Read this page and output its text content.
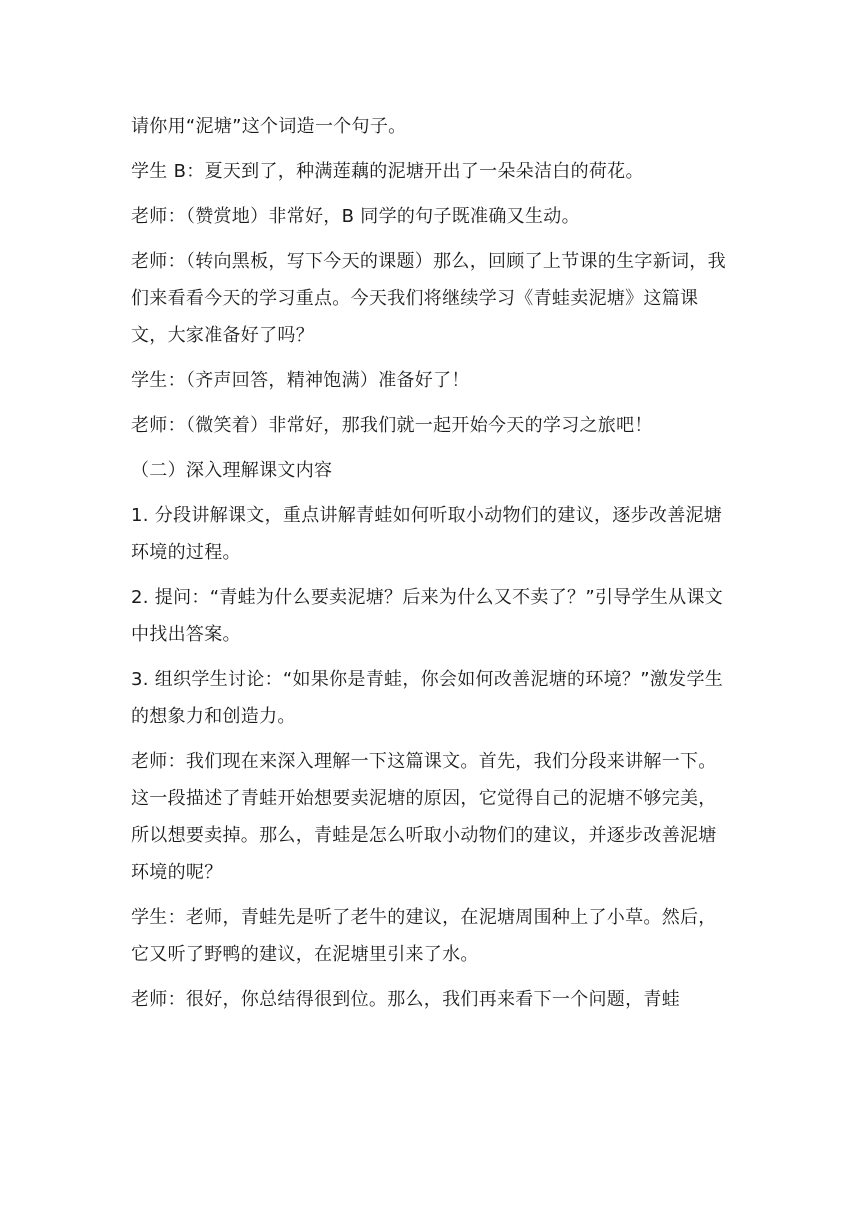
请你用“泥塘”这个词造一个句子。

学生 B：夏天到了，种满莲藕的泥塘开出了一朵朵洁白的荷花。

老师：（赞赏地）非常好，B 同学的句子既准确又生动。

老师：（转向黑板，写下今天的课题）那么，回顾了上节课的生字新词，我们来看看今天的学习重点。今天我们将继续学习《青蛙卖泥塘》这篇课文，大家准备好了吗？

学生：（齐声回答，精神饱满）准备好了！

老师：（微笑着）非常好，那我们就一起开始今天的学习之旅吧！

（二）深入理解课文内容

1. 分段讲解课文，重点讲解青蛙如何听取小动物们的建议，逐步改善泥塘环境的过程。

2. 提问：“青蛙为什么要卖泥塘？后来为什么又不卖了？”引导学生从课文中找出答案。

3. 组织学生讨论：“如果你是青蛙，你会如何改善泥塘的环境？”激发学生的想象力和创造力。

老师：我们现在来深入理解一下这篇课文。首先，我们分段来讲解一下。这一段描述了青蛙开始想要卖泥塘的原因，它觉得自己的泥塘不够完美，所以想要卖掉。那么，青蛙是怎么听取小动物们的建议，并逐步改善泥塘环境的呢？

学生：老师，青蛙先是听了老牛的建议，在泥塘周围种上了小草。然后，它又听了野鸭的建议，在泥塘里引来了水。

老师：很好，你总结得很到位。那么，我们再来看下一个问题，青蛙
